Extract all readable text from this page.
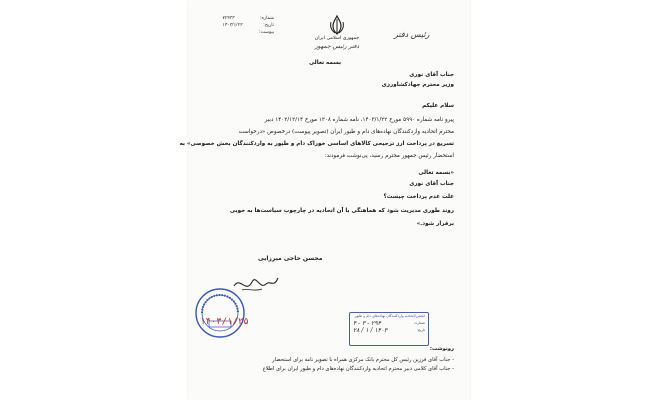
جمهوری اسلامی ایران
دفتر رئیس جمهور
رئیس دفتر
شماره:
۷۲۹۳۲
تاریخ:
۱۴۰۳/۱/۲۲
پیوست:
بسمه تعالی
جناب آقای نوری
وزیر محترم جهادکشاورزی
سلام علیکم
پیرو نامه شماره ۵۹۹۰ مورخ ۱۴۰۳/۱/۲۲، نامه شماره ۱۲۰۸ مورخ ۱۴۰۲/۱۲/۱۴ دبیر
محترم اتحادیه واردکنندگان نهاده‌های دام و طیور ایران (تصویر پیوست) درخصوص «درخواست
تسریع در پرداخت ارز ترجیحی کالاهای اساسی خوراک دام و طیور به واردکنندگان بخش خصوصی» به
استحضار رئیس جمهور محترم رسید، پی‌نوشت فرمودند:
«بسمه تعالی
جناب آقای نوری
علت عدم پرداخت چیست؟
روند طوری مدیریت شود که هماهنگی با آن اتحادیه در چارچوب سیاست‌ها به خوبی
برقرار شود.»
محسن حاجی میرزایی
۱۴۰۳/۱/۲۵
انجمن/اتحادیه واردکنندگان نهاده‌های دام و طیور
شماره:
۲۹۴ - ۳ - ۴
تاریخ:
۱۴۰۳ / ۱ / ۲۸
رونوشت:
- جناب آقای فرزین رئیس کل محترم بانک مرکزی همراه با تصویر نامه برای استحضار
- جناب آقای کلامی دبیر محترم اتحادیه واردکنندگان نهاده‌های دام و طیور ایران برای اطلاع
